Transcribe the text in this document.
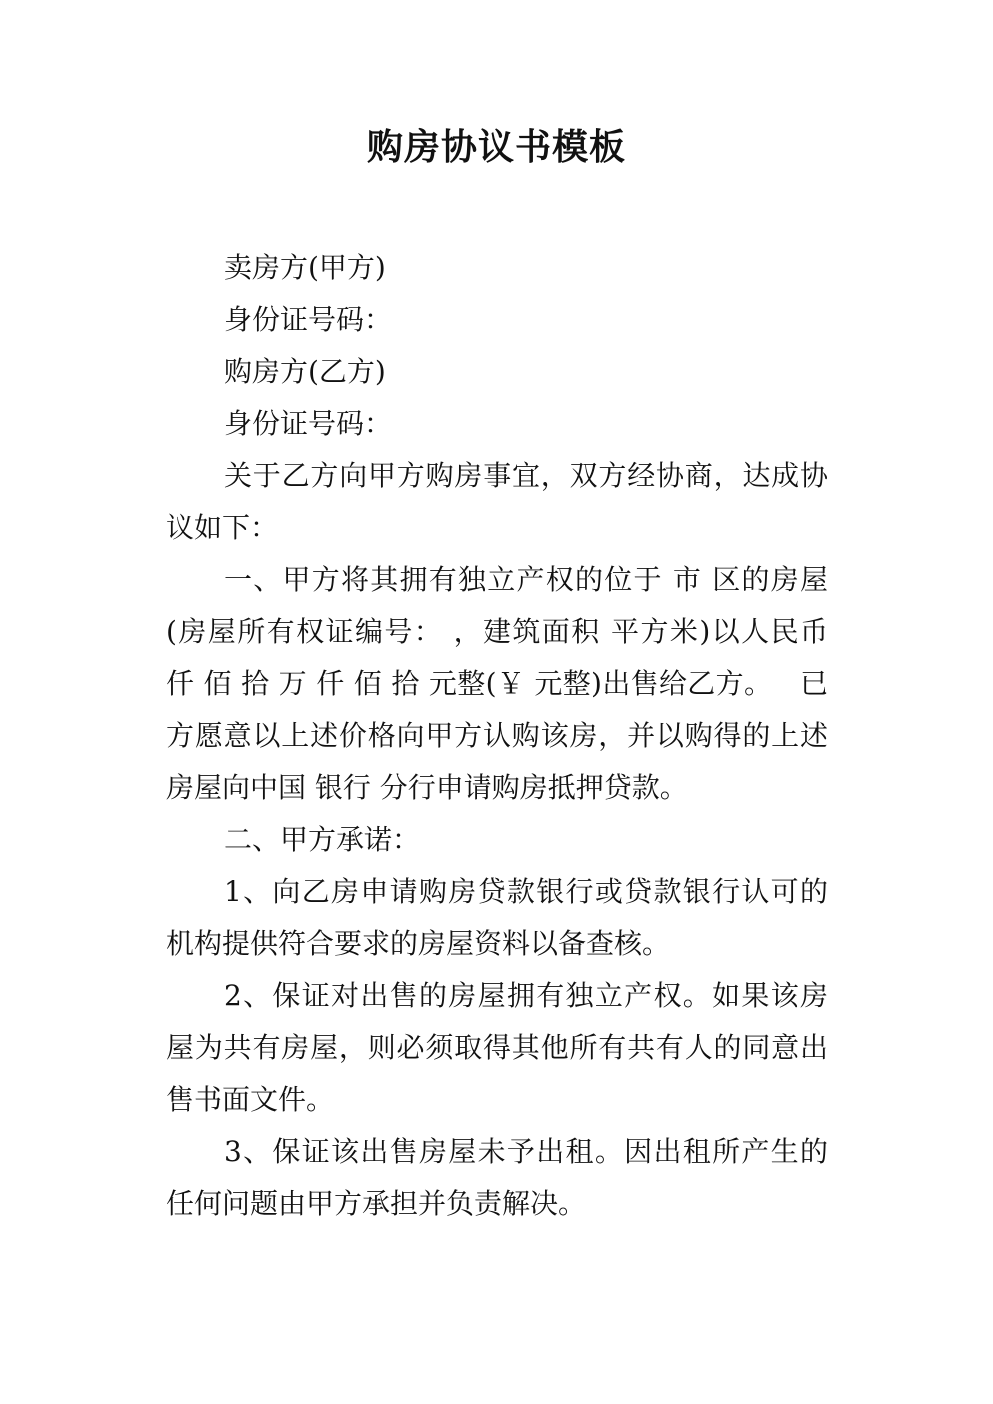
购房协议书模板

卖房方(甲方)

身份证号码：

购房方(乙方)

身份证号码：

关于乙方向甲方购房事宜，双方经协商，达成协议如下：

一、甲方将其拥有独立产权的位于 市 区的房屋(房屋所有权证编号： ，建筑面积 平方米)以人民币 仟 佰 拾 万 仟 佰 拾 元整(￥ 元整)出售给乙方。   已方愿意以上述价格向甲方认购该房，并以购得的上述房屋向中国 银行 分行申请购房抵押贷款。

二、甲方承诺：

1、向乙房申请购房贷款银行或贷款银行认可的机构提供符合要求的房屋资料以备查核。

2、保证对出售的房屋拥有独立产权。如果该房屋为共有房屋，则必须取得其他所有共有人的同意出售书面文件。

3、保证该出售房屋未予出租。因出租所产生的任何问题由甲方承担并负责解决。
